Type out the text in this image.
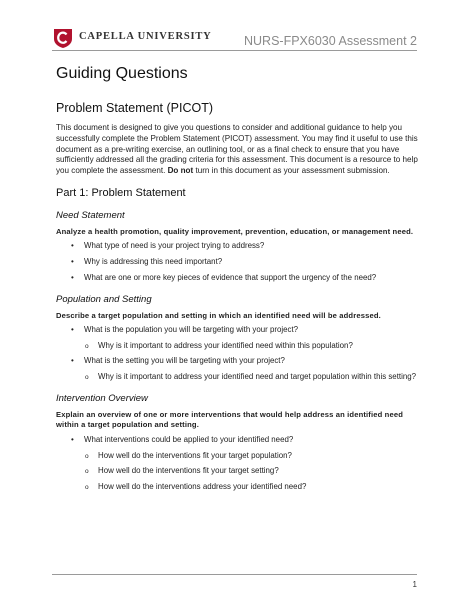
CAPELLA UNIVERSITY	NURS-FPX6030 Assessment 2
Guiding Questions
Problem Statement (PICOT)

This document is designed to give you questions to consider and additional guidance to help you successfully complete the Problem Statement (PICOT) assessment. You may find it useful to use this document as a pre-writing exercise, an outlining tool, or as a final check to ensure that you have sufficiently addressed all the grading criteria for this assessment. This document is a resource to help you complete the assessment. Do not turn in this document as your assessment submission.

Part 1: Problem Statement
Need Statement
Analyze a health promotion, quality improvement, prevention, education, or management need.
• What type of need is your project trying to address?
• Why is addressing this need important?
• What are one or more key pieces of evidence that support the urgency of the need?
Population and Setting
Describe a target population and setting in which an identified need will be addressed.
• What is the population you will be targeting with your project?
o Why is it important to address your identified need within this population?
• What is the setting you will be targeting with your project?
o Why is it important to address your identified need and target population within this setting?
Intervention Overview
Explain an overview of one or more interventions that would help address an identified need within a target population and setting.
• What interventions could be applied to your identified need?
o How well do the interventions fit your target population?
o How well do the interventions fit your target setting?
o How well do the interventions address your identified need?
1
